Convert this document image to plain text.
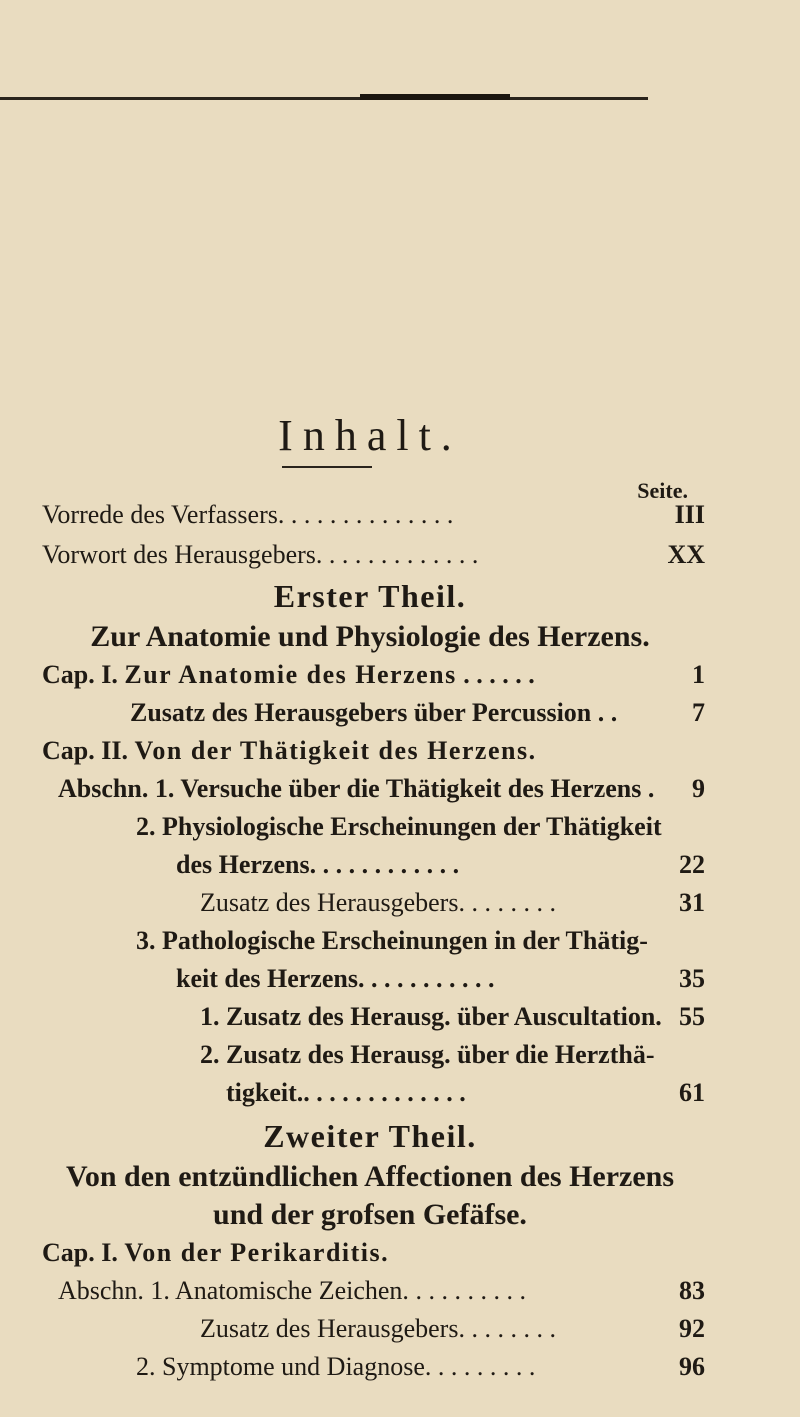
Inhalt.
Seite.
Vorrede des Verfassers. . . . . . . . . . . . . .	III
Vorwort des Herausgebers. . . . . . . . . . . . .	XX
Erster Theil.
Zur Anatomie und Physiologie des Herzens.
Cap. I. Zur Anatomie des Herzens . . . . . .	1
Zusatz des Herausgebers über Percussion . .	7
Cap. II. Von der Thätigkeit des Herzens.
Abschn. 1. Versuche über die Thätigkeit des Herzens .	9
2. Physiologische Erscheinungen der Thätigkeit
des Herzens. . . . . . . . . . . .	22
Zusatz des Herausgebers. . . . . . . .	31
3. Pathologische Erscheinungen in der Thätig-
keit des Herzens. . . . . . . . . . .	35
1. Zusatz des Herausg. über Auscultation. 55
2. Zusatz des Herausg. über die Herzthä-
tigkeit.. . . . . . . . . . . . .	61
Zweiter Theil.
Von den entzündlichen Affectionen des Herzens
und der grofsen Gefäfse.
Cap. I. Von der Perikarditis.
Abschn. 1. Anatomische Zeichen. . . . . . . . . .	83
Zusatz des Herausgebers. . . . . . . .	92
2. Symptome und Diagnose. . . . . . . . .	96
